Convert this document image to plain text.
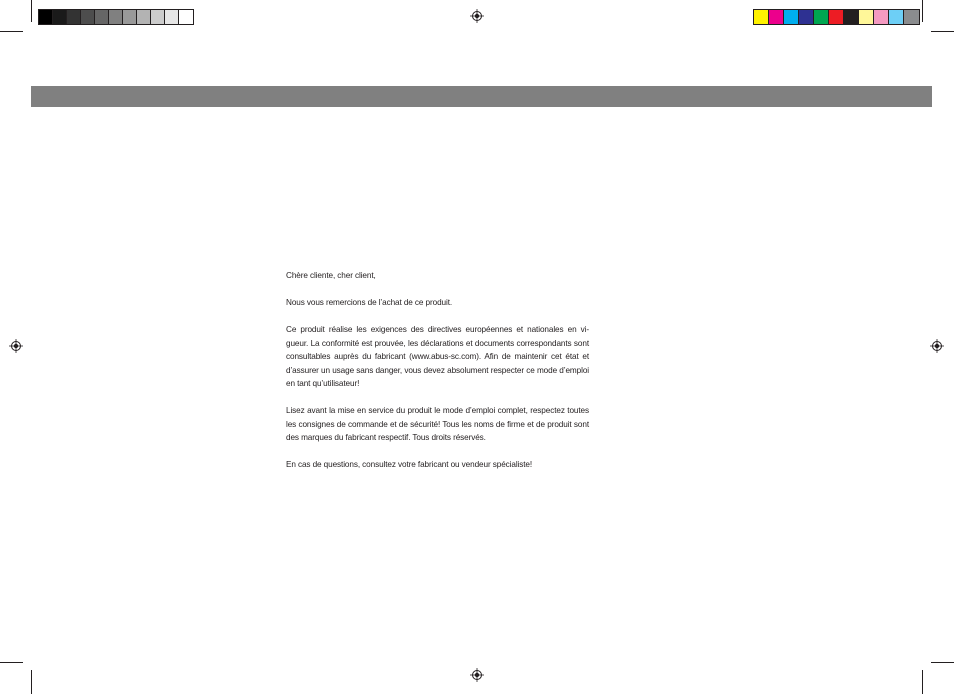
Chère cliente, cher client,

Nous vous remercions de l’achat de ce produit.

Ce produit réalise les exigences des directives européennes et nationales en vi-gueur. La conformité est prouvée, les déclarations et documents correspondants sont consultables auprès du fabricant (www.abus-sc.com). Afin de maintenir cet état et d’assurer un usage sans danger, vous devez absolument respecter ce mode d’emploi en tant qu’utilisateur!

Lisez avant la mise en service du produit le mode d’emploi complet, respectez toutes les consignes de commande et de sécurité! Tous les noms de firme et de produit sont des marques du fabricant respectif. Tous droits réservés.

En cas de questions, consultez votre fabricant ou vendeur spécialiste!
